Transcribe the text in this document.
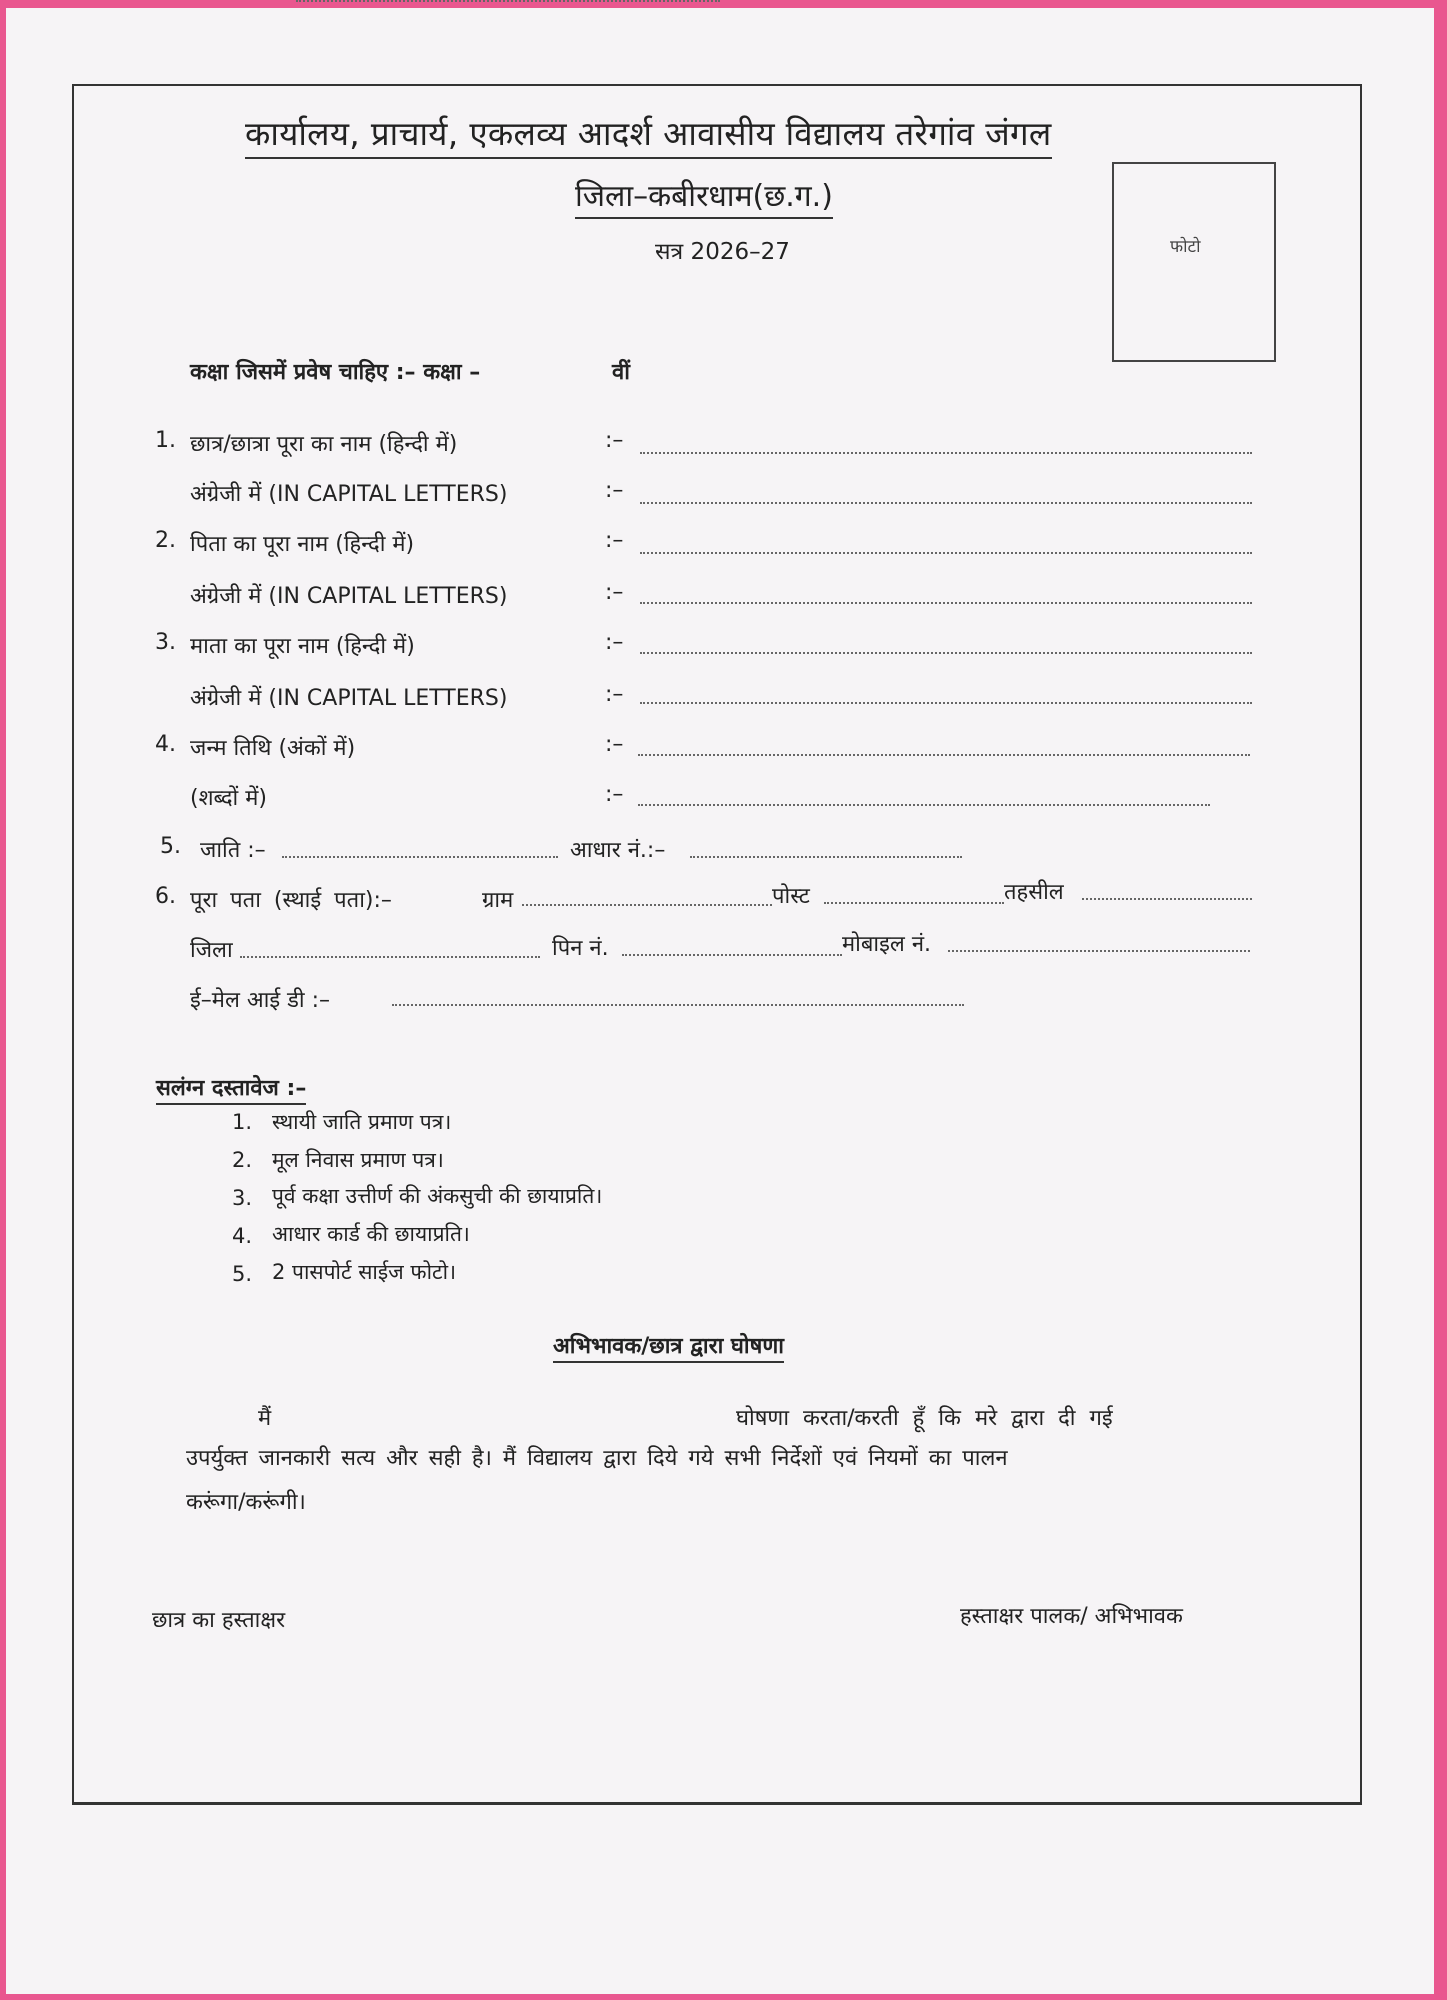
कार्यालय, प्राचार्य, एकलव्य आदर्श आवासीय विद्यालय तरेगांव जंगल
जिला–कबीरधाम(छ.ग.)
सत्र 2026–27	फोटो
कक्षा जिसमें प्रवेष चाहिए :– कक्षा –	वीं
1. छात्र/छात्रा पूरा का नाम (हिन्दी में)	:–
अंग्रेजी में (IN CAPITAL LETTERS)	:–
2. पिता का पूरा नाम (हिन्दी में)	:–
अंग्रेजी में (IN CAPITAL LETTERS)	:–
3. माता का पूरा नाम (हिन्दी में)	:–
अंग्रेजी में (IN CAPITAL LETTERS)	:–
4. जन्म तिथि (अंकों में)	:–
(शब्दों में)	:–
5. जाति :–	आधार नं.:–
6. पूरा पता (स्थाई पता):–	ग्राम	पोस्ट	तहसील
जिला	पिन नं.	मोबाइल नं.
ई–मेल आई डी :–
सलंग्न दस्तावेज :–
1. स्थायी जाति प्रमाण पत्र।
2. मूल निवास प्रमाण पत्र।
3. पूर्व कक्षा उत्तीर्ण की अंकसुची की छायाप्रति।
4. आधार कार्ड की छायाप्रति।
5. 2 पासपोर्ट साईज फोटो।
अभिभावक/छात्र द्वारा घोषणा
मैं	घोषणा करता/करती हूँ कि मरे द्वारा दी गई
उपर्युक्त जानकारी सत्य और सही है। मैं विद्यालय द्वारा दिये गये सभी निर्देशों एवं नियमों का पालन
करूंगा/करूंगी।
छात्र का हस्ताक्षर	हस्ताक्षर पालक/ अभिभावक
